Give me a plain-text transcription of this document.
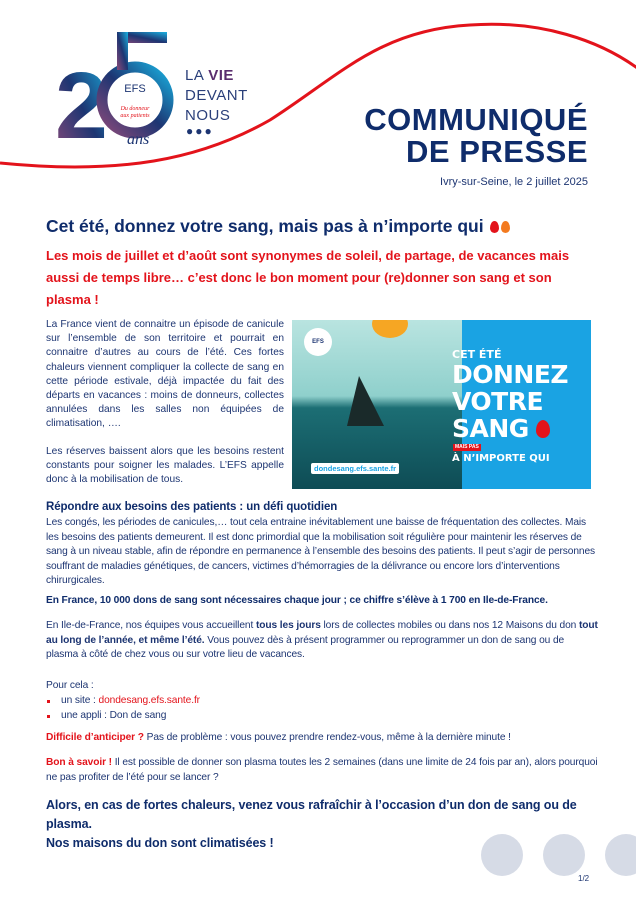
2 EFS
Du donneur
aux patients
ans
LA VIE
DEVANT
NOUS
●●●	COMMUNIQUÉ
DE PRESSE
Ivry-sur-Seine, le 2 juillet 2025
Cet été, donnez votre sang, mais pas à n’importe qui
Les mois de juillet et d’août sont synonymes de soleil, de partage, de vacances mais aussi de temps libre… c’est donc le bon moment pour (re)donner son sang et son plasma !

La France vient de connaitre un épisode de canicule sur l’ensemble de son territoire et pourrait en connaitre d’autres au cours de l’été. Ces fortes chaleurs viennent compliquer la collecte de sang en cette période estivale, déjà impactée du fait des départs en vacances : moins de donneurs, collectes annulées dans les salles non équipées de climatisation, ….

Les réserves baissent alors que les besoins restent constants pour soigner les malades. L’EFS appelle donc à la mobilisation de tous.

EFS
CET ÉTÉ
DONNEZ
VOTRE
SANG
MAIS PAS
À N’IMPORTE QUI
dondesang.efs.sante.fr
Répondre aux besoins des patients : un défi quotidien
Les congés, les périodes de canicules,… tout cela entraine inévitablement une baisse de fréquentation des collectes. Mais les besoins des patients demeurent. Il est donc primordial que la mobilisation soit régulière pour maintenir les réserves de sang à un niveau stable, afin de répondre en permanence à l’ensemble des besoins des patients. Il peut s’agir de personnes souffrant de maladies génétiques, de cancers, victimes d’hémorragies de la délivrance ou encore lors d’interventions chirurgicales.
En France, 10 000 dons de sang sont nécessaires chaque jour ; ce chiffre s’élève à 1 700 en Ile-de-France.
En Ile-de-France, nos équipes vous accueillent tous les jours lors de collectes mobiles ou dans nos 12 Maisons du don tout au long de l’année, et même l’été. Vous pouvez dès à présent programmer ou reprogrammer un don de sang ou de plasma à côté de chez vous ou sur votre lieu de vacances.
Pour cela :
un site : dondesang.efs.sante.fr
une appli : Don de sang
Difficile d’anticiper ? Pas de problème : vous pouvez prendre rendez-vous, même à la dernière minute !
Bon à savoir ! Il est possible de donner son plasma toutes les 2 semaines (dans une limite de 24 fois par an), alors pourquoi ne pas profiter de l’été pour se lancer ?
Alors, en cas de fortes chaleurs, venez vous rafraîchir à l’occasion d’un don de sang ou de plasma.
Nos maisons du don sont climatisées !
1/2
